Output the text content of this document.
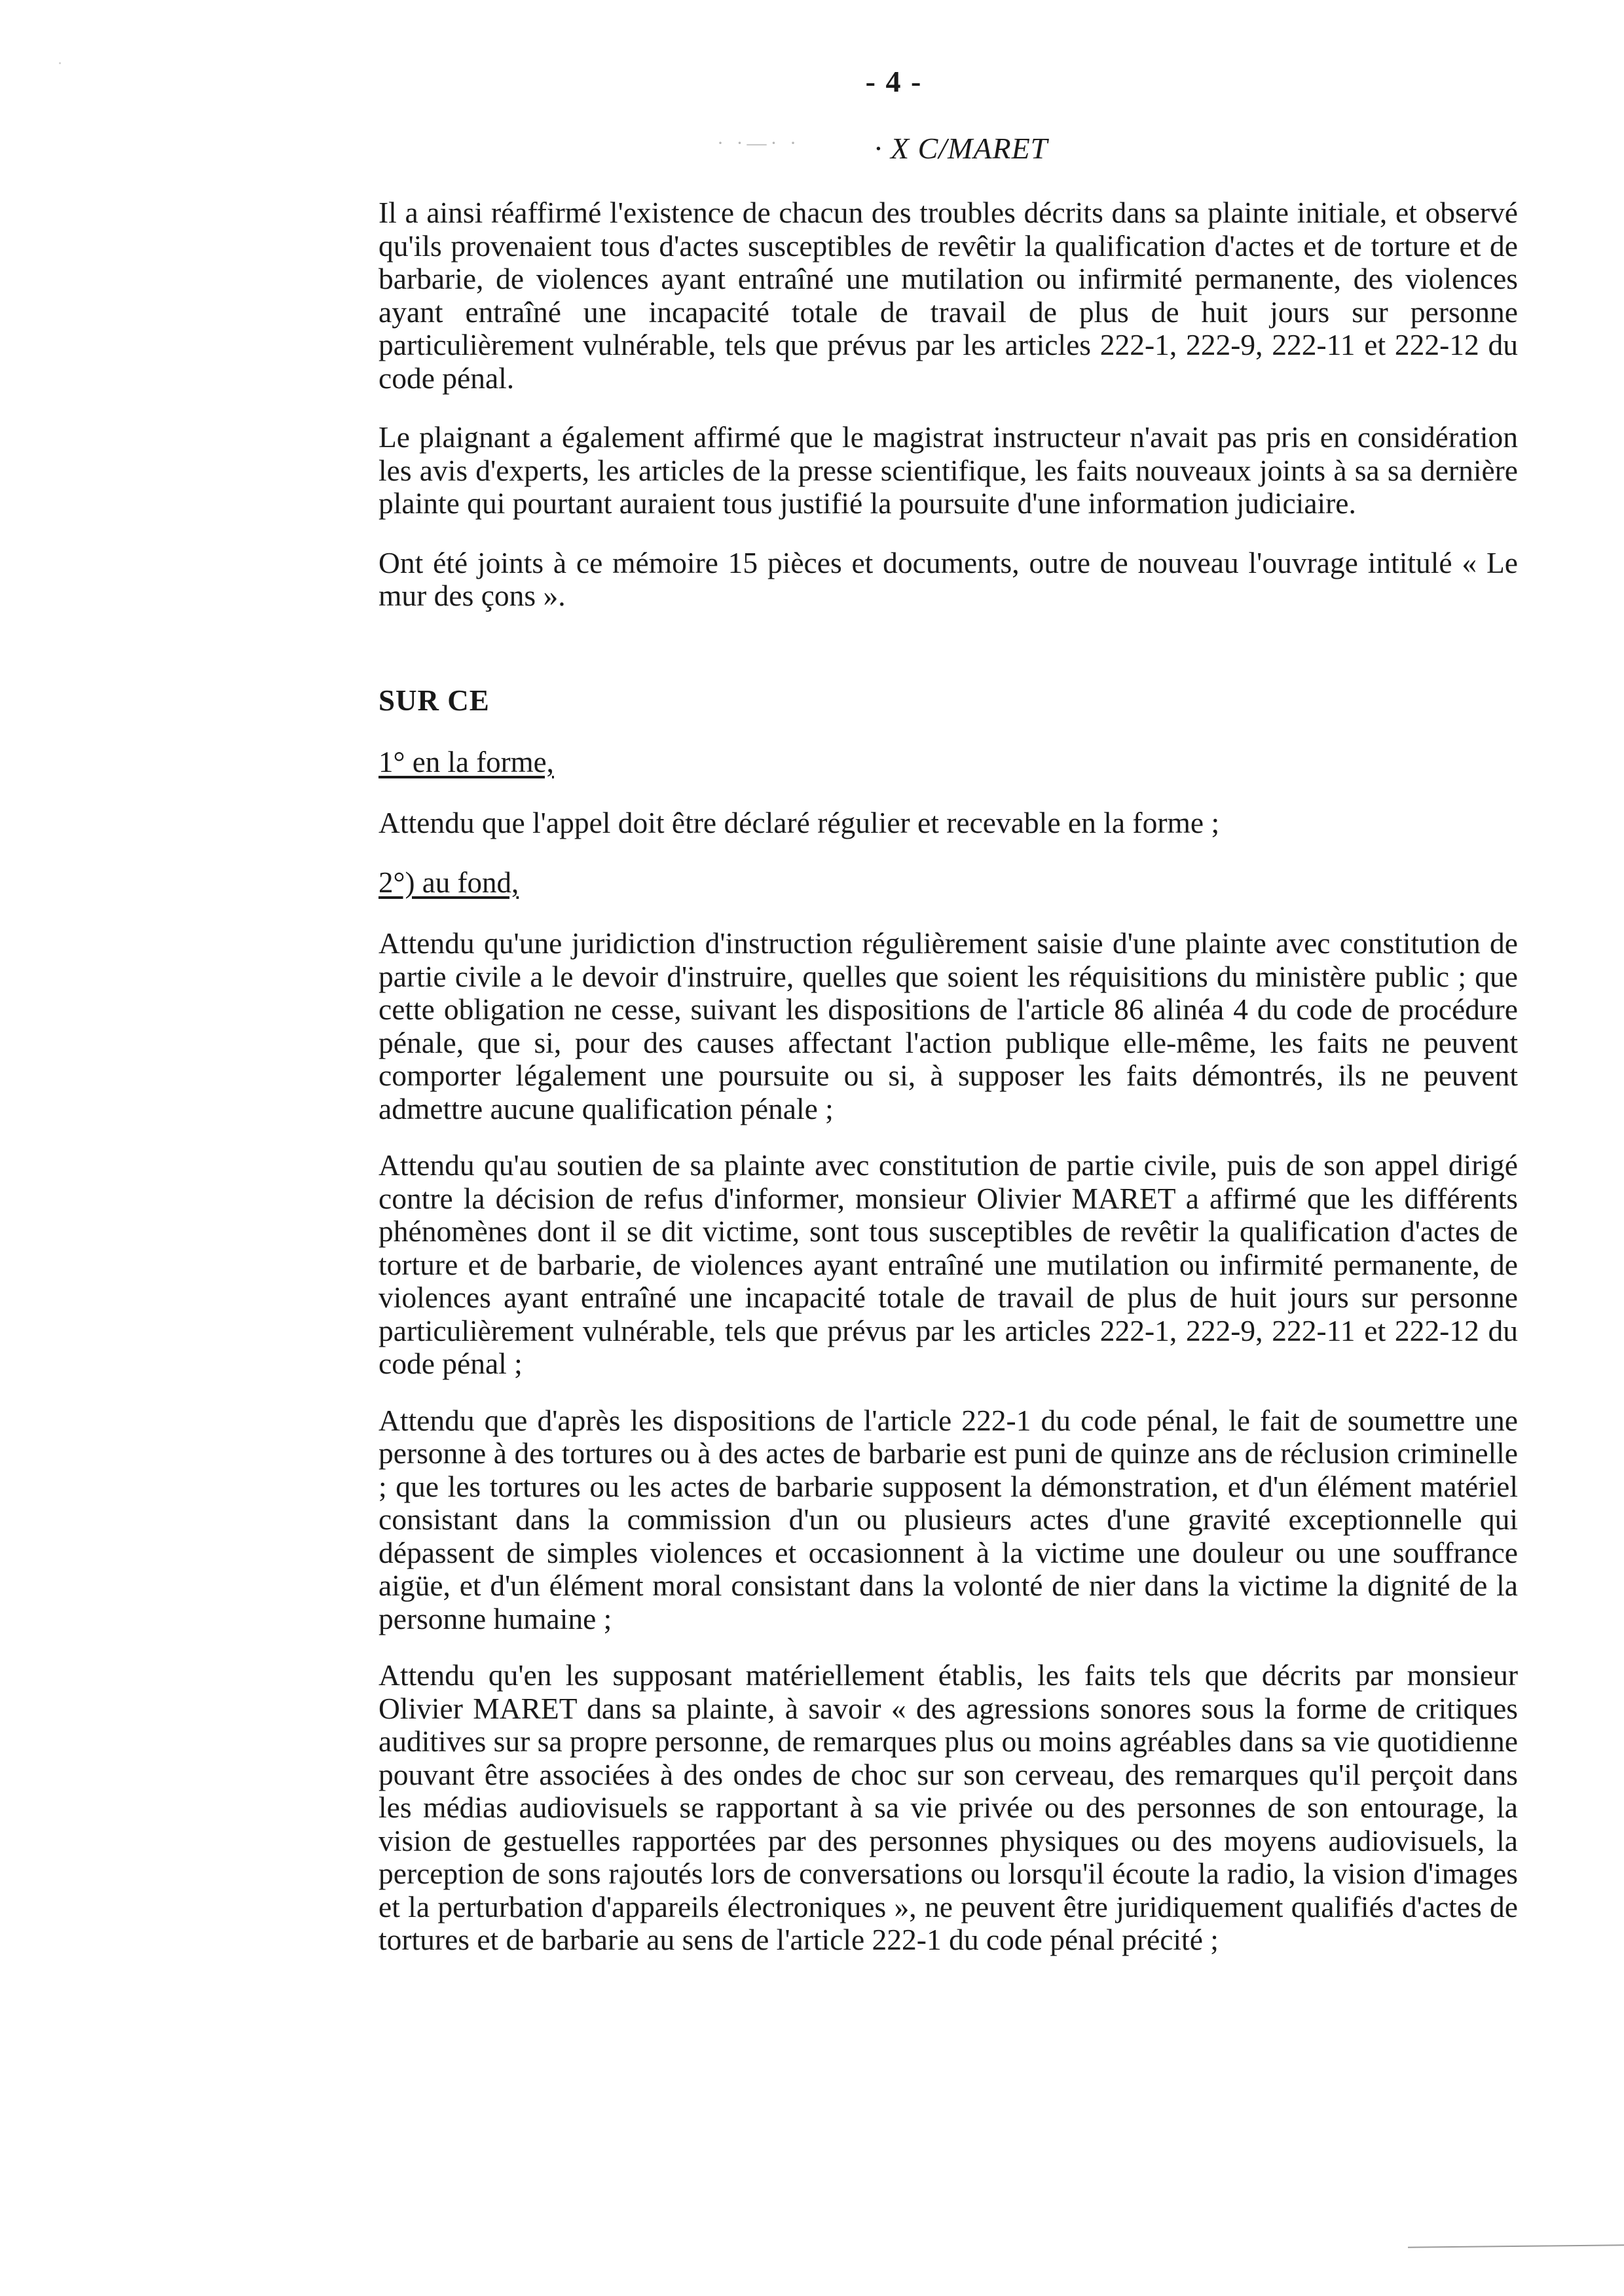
- 4 -
· ·—· · · X C/MARET

Il a ainsi réaffirmé l'existence de chacun des troubles décrits dans sa plainte initiale, et observé qu'ils provenaient tous d'actes susceptibles de revêtir la qualification d'actes et de torture et de barbarie, de violences ayant entraîné une mutilation ou infirmité permanente, des violences ayant entraîné une incapacité totale de travail de plus de huit jours sur personne particulièrement vulnérable, tels que prévus par les articles 222-1, 222-9, 222-11 et 222-12 du code pénal.

Le plaignant a également affirmé que le magistrat instructeur n'avait pas pris en considération les avis d'experts, les articles de la presse scientifique, les faits nouveaux joints à sa sa dernière plainte qui pourtant auraient tous justifié la poursuite d'une information judiciaire.

Ont été joints à ce mémoire 15 pièces et documents, outre de nouveau l'ouvrage intitulé « Le mur des çons ».

SUR CE
1° en la forme,

Attendu que l'appel doit être déclaré régulier et recevable en la forme ;

2°) au fond,

Attendu qu'une juridiction d'instruction régulièrement saisie d'une plainte avec constitution de partie civile a le devoir d'instruire, quelles que soient les réquisitions du ministère public ; que cette obligation ne cesse, suivant les dispositions de l'article 86 alinéa 4 du code de procédure pénale, que si, pour des causes affectant l'action publique elle-même, les faits ne peuvent comporter légalement une poursuite ou si, à supposer les faits démontrés, ils ne peuvent admettre aucune qualification pénale ;

Attendu qu'au soutien de sa plainte avec constitution de partie civile, puis de son appel dirigé contre la décision de refus d'informer, monsieur Olivier MARET a affirmé que les différents phénomènes dont il se dit victime, sont tous susceptibles de revêtir la qualification d'actes de torture et de barbarie, de violences ayant entraîné une mutilation ou infirmité permanente, de violences ayant entraîné une incapacité totale de travail de plus de huit jours sur personne particulièrement vulnérable, tels que prévus par les articles 222-1, 222-9, 222-11 et 222-12 du code pénal ;

Attendu que d'après les dispositions de l'article 222-1 du code pénal, le fait de soumettre une personne à des tortures ou à des actes de barbarie est puni de quinze ans de réclusion criminelle ; que les tortures ou les actes de barbarie supposent la démonstration, et d'un élément matériel consistant dans la commission d'un ou plusieurs actes d'une gravité exceptionnelle qui dépassent de simples violences et occasionnent à la victime une douleur ou une souffrance aigüe, et d'un élément moral consistant dans la volonté de nier dans la victime la dignité de la personne humaine ;

Attendu qu'en les supposant matériellement établis, les faits tels que décrits par monsieur Olivier MARET dans sa plainte, à savoir « des agressions sonores sous la forme de critiques auditives sur sa propre personne, de remarques plus ou moins agréables dans sa vie quotidienne pouvant être associées à des ondes de choc sur son cerveau, des remarques qu'il perçoit dans les médias audiovisuels se rapportant à sa vie privée ou des personnes de son entourage, la vision de gestuelles rapportées par des personnes physiques ou des moyens audiovisuels, la perception de sons rajoutés lors de conversations ou lorsqu'il écoute la radio, la vision d'images et la perturbation d'appareils électroniques », ne peuvent être juridiquement qualifiés d'actes de tortures et de barbarie au sens de l'article 222-1 du code pénal précité ;
